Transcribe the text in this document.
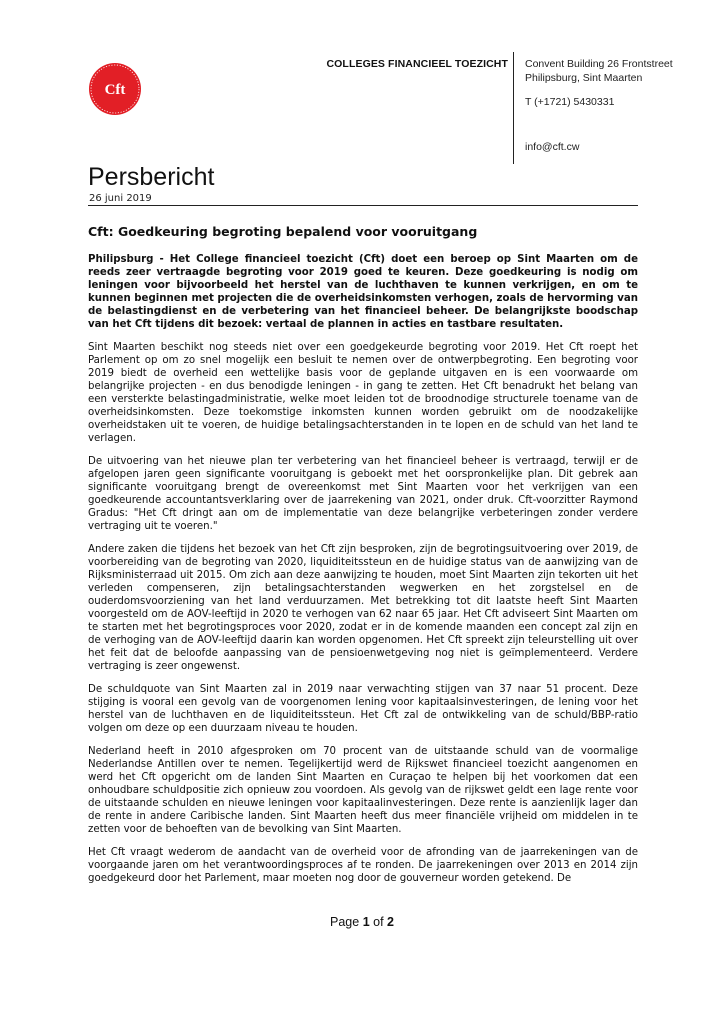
Cft
COLLEGES FINANCIEEL TOEZICHT Convent Building 26 Frontstreet
Philipsburg, Sint Maarten
T (+1721) 5430331
info@cft.cw
Persbericht
26 juni 2019
Cft: Goedkeuring begroting bepalend voor vooruitgang

Philipsburg - Het College financieel toezicht (Cft) doet een beroep op Sint Maarten om de reeds zeer vertraagde begroting voor 2019 goed te keuren. Deze goedkeuring is nodig om leningen voor bijvoorbeeld het herstel van de luchthaven te kunnen verkrijgen, en om te kunnen beginnen met projecten die de overheidsinkomsten verhogen, zoals de hervorming van de belastingdienst en de verbetering van het financieel beheer. De belangrijkste boodschap van het Cft tijdens dit bezoek: vertaal de plannen in acties en tastbare resultaten.

Sint Maarten beschikt nog steeds niet over een goedgekeurde begroting voor 2019. Het Cft roept het Parlement op om zo snel mogelijk een besluit te nemen over de ontwerpbegroting. Een begroting voor 2019 biedt de overheid een wettelijke basis voor de geplande uitgaven en is een voorwaarde om belangrijke projecten - en dus benodigde leningen - in gang te zetten. Het Cft benadrukt het belang van een versterkte belastingadministratie, welke moet leiden tot de broodnodige structurele toename van de overheidsinkomsten. Deze toekomstige inkomsten kunnen worden gebruikt om de noodzakelijke overheidstaken uit te voeren, de huidige betalingsachterstanden in te lopen en de schuld van het land te verlagen.

De uitvoering van het nieuwe plan ter verbetering van het financieel beheer is vertraagd, terwijl er de afgelopen jaren geen significante vooruitgang is geboekt met het oorspronkelijke plan. Dit gebrek aan significante vooruitgang brengt de overeenkomst met Sint Maarten voor het verkrijgen van een goedkeurende accountantsverklaring over de jaarrekening van 2021, onder druk. Cft-voorzitter Raymond Gradus: "Het Cft dringt aan om de implementatie van deze belangrijke verbeteringen zonder verdere vertraging uit te voeren."

Andere zaken die tijdens het bezoek van het Cft zijn besproken, zijn de begrotingsuitvoering over 2019, de voorbereiding van de begroting van 2020, liquiditeitssteun en de huidige status van de aanwijzing van de Rijksministerraad uit 2015. Om zich aan deze aanwijzing te houden, moet Sint Maarten zijn tekorten uit het verleden compenseren, zijn betalingsachterstanden wegwerken en het zorgstelsel en de ouderdomsvoorziening van het land verduurzamen. Met betrekking tot dit laatste heeft Sint Maarten voorgesteld om de AOV-leeftijd in 2020 te verhogen van 62 naar 65 jaar. Het Cft adviseert Sint Maarten om te starten met het begrotingsproces voor 2020, zodat er in de komende maanden een concept zal zijn en de verhoging van de AOV-leeftijd daarin kan worden opgenomen. Het Cft spreekt zijn teleurstelling uit over het feit dat de beloofde aanpassing van de pensioenwetgeving nog niet is geïmplementeerd. Verdere vertraging is zeer ongewenst.

De schuldquote van Sint Maarten zal in 2019 naar verwachting stijgen van 37 naar 51 procent. Deze stijging is vooral een gevolg van de voorgenomen lening voor kapitaalsinvesteringen, de lening voor het herstel van de luchthaven en de liquiditeitssteun. Het Cft zal de ontwikkeling van de schuld/BBP-ratio volgen om deze op een duurzaam niveau te houden.

Nederland heeft in 2010 afgesproken om 70 procent van de uitstaande schuld van de voormalige Nederlandse Antillen over te nemen. Tegelijkertijd werd de Rijkswet financieel toezicht aangenomen en werd het Cft opgericht om de landen Sint Maarten en Curaçao te helpen bij het voorkomen dat een onhoudbare schuldpositie zich opnieuw zou voordoen. Als gevolg van de rijkswet geldt een lage rente voor de uitstaande schulden en nieuwe leningen voor kapitaalinvesteringen. Deze rente is aanzienlijk lager dan de rente in andere Caribische landen. Sint Maarten heeft dus meer financiële vrijheid om middelen in te zetten voor de behoeften van de bevolking van Sint Maarten.

Het Cft vraagt wederom de aandacht van de overheid voor de afronding van de jaarrekeningen van de voorgaande jaren om het verantwoordingsproces af te ronden. De jaarrekeningen over 2013 en 2014 zijn goedgekeurd door het Parlement, maar moeten nog door de gouverneur worden getekend. De

Page 1 of 2
